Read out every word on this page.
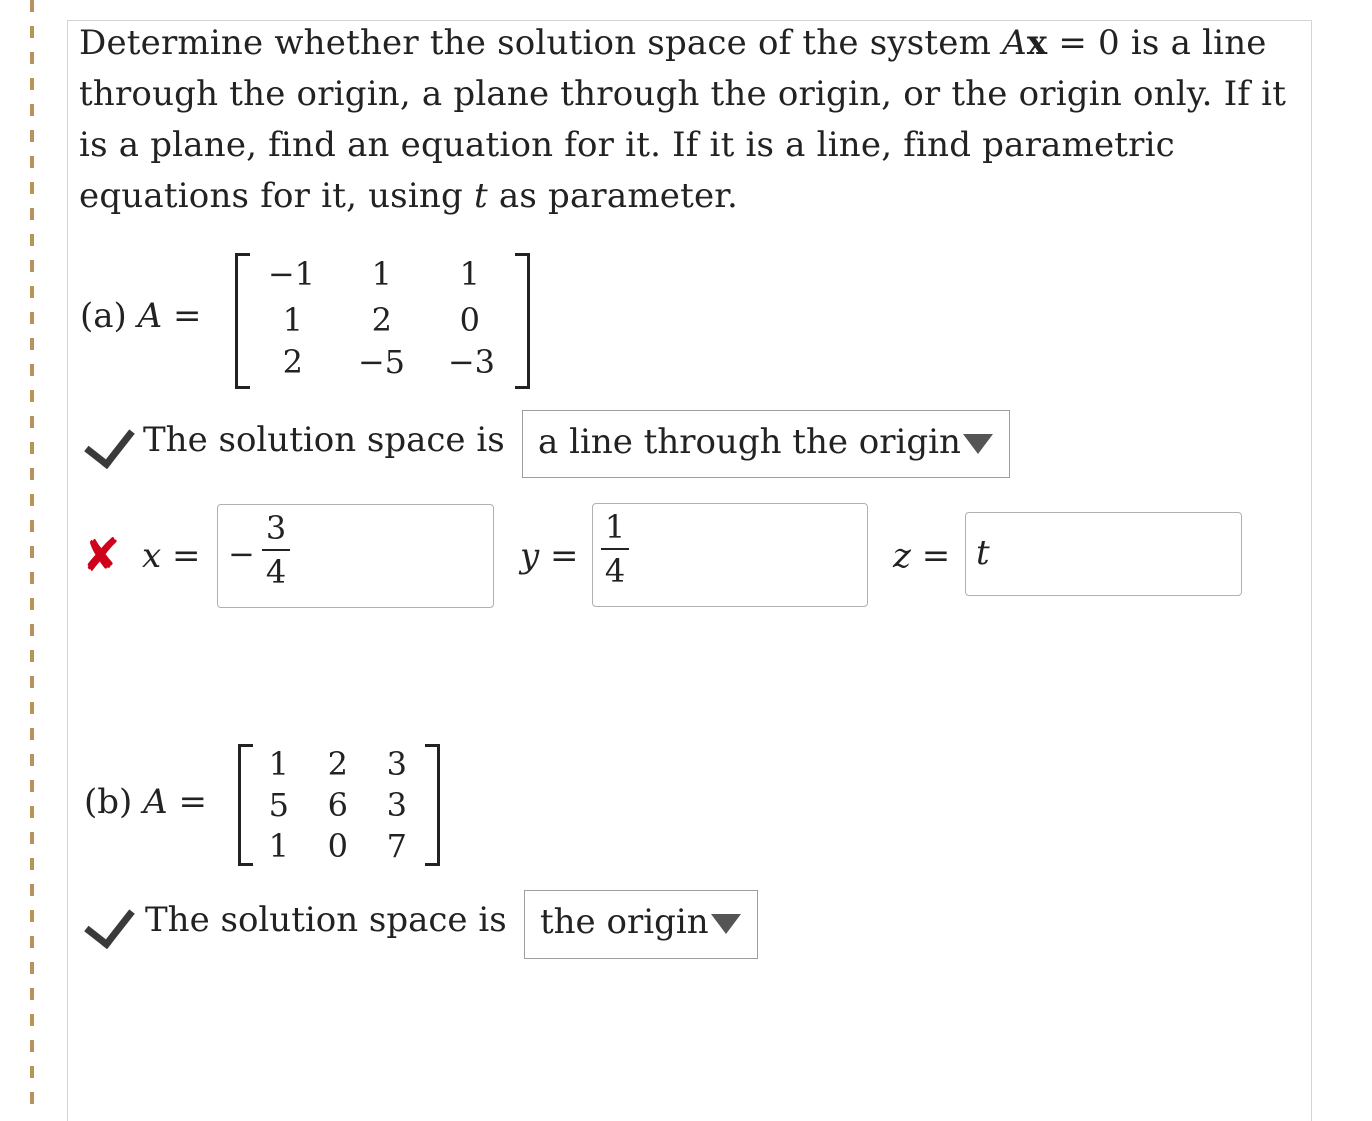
Determine whether the solution space of the system Ax = 0 is a line
through the origin, a plane through the origin, or the origin only. If it
is a plane, find an equation for it. If it is a line, find parametric
equations for it, using t as parameter.
(a) A =
−1	1	1
1	2	0
2	−5	−3
The solution space is a line through the origin
✘ x = −
3
4	y =
1
4	z = t
(b) A =
1	2	3
5	6	3
1	0	7
The solution space is the origin
